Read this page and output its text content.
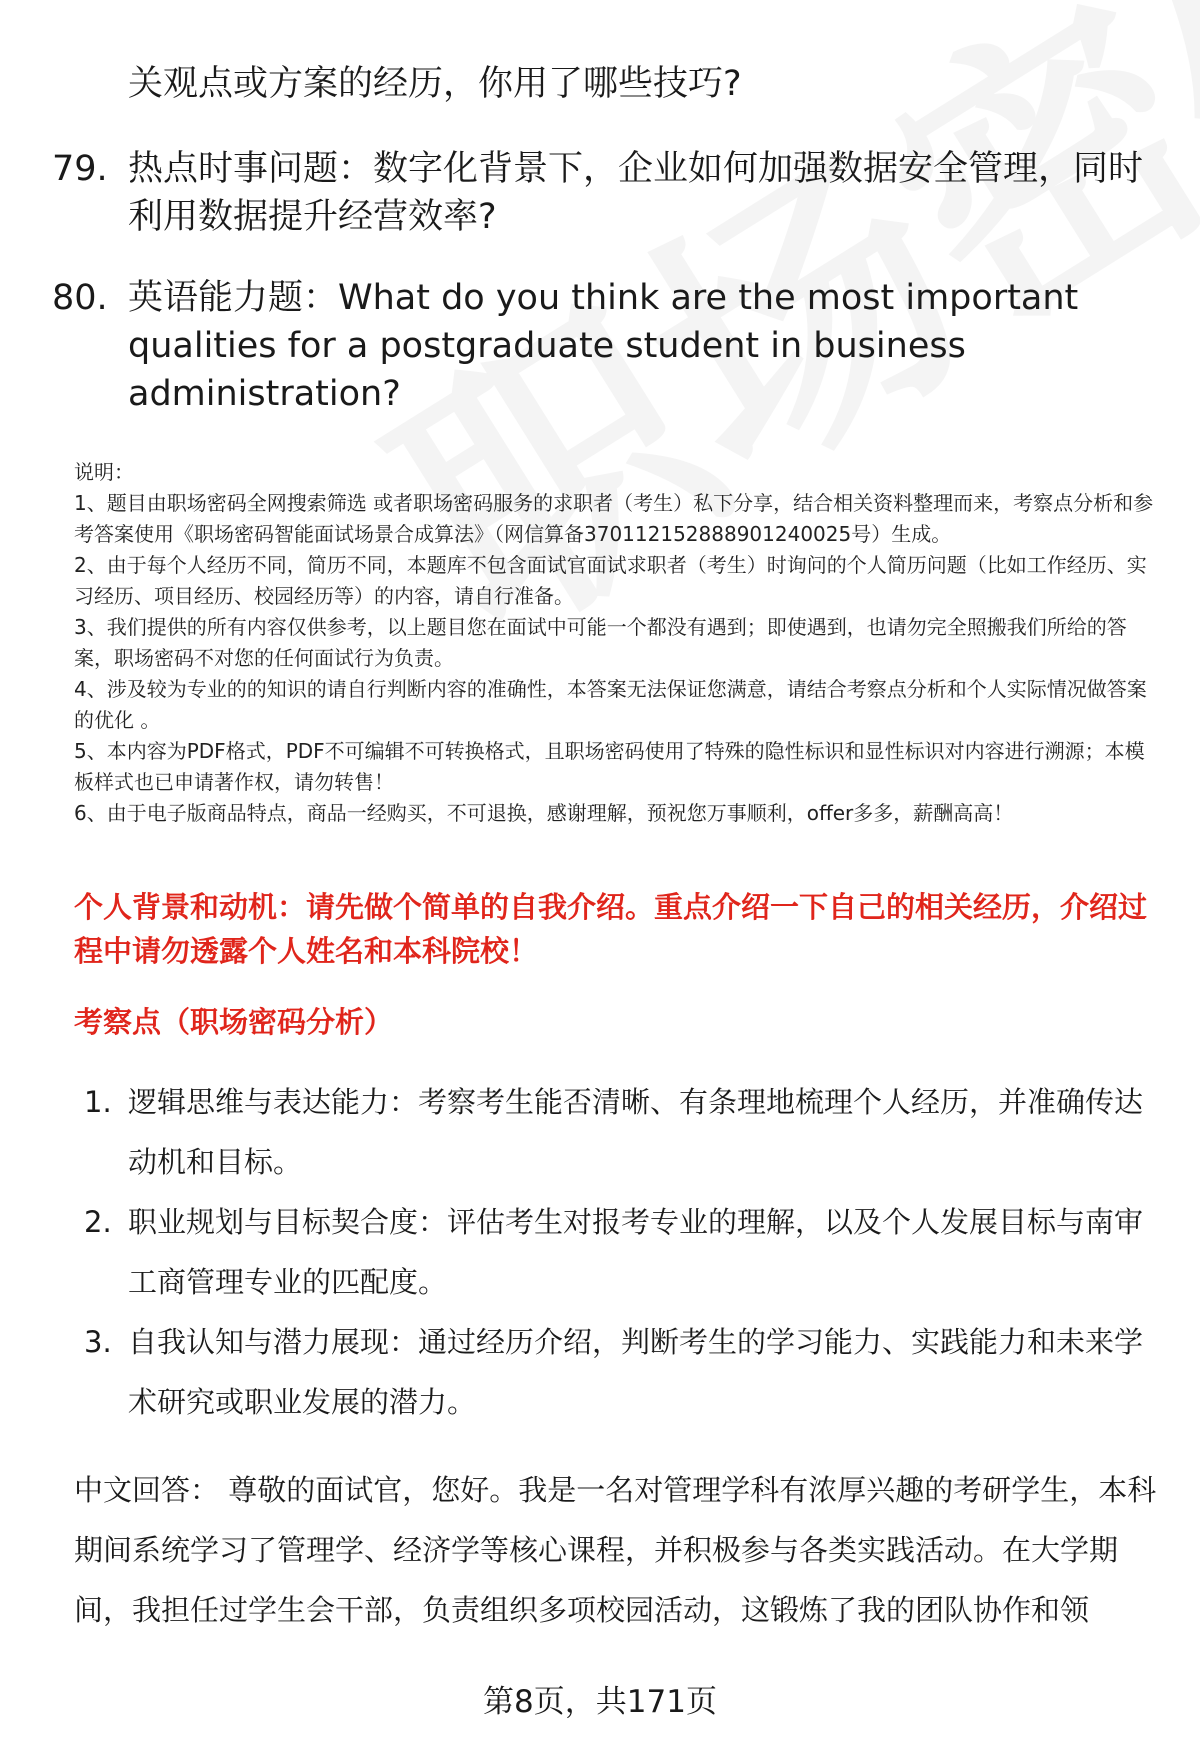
关观点或方案的经历，你用了哪些技巧?
79. 热点时事问题：数字化背景下，企业如何加强数据安全管理，同时利用数据提升经营效率?
80. 英语能力题：What do you think are the most important qualities for a postgraduate student in business administration?
说明：
1、题目由职场密码全网搜索筛选 或者职场密码服务的求职者（考生）私下分享，结合相关资料整理而来，考察点分析和参考答案使用《职场密码智能面试场景合成算法》（网信算备370112152888901240025号）生成。
2、由于每个人经历不同，简历不同，本题库不包含面试官面试求职者（考生）时询问的个人简历问题（比如工作经历、实习经历、项目经历、校园经历等）的内容，请自行准备。
3、我们提供的所有内容仅供参考，以上题目您在面试中可能一个都没有遇到；即使遇到，也请勿完全照搬我们所给的答案，职场密码不对您的任何面试行为负责。
4、涉及较为专业的的知识的请自行判断内容的准确性，本答案无法保证您满意，请结合考察点分析和个人实际情况做答案的优化 。
5、本内容为PDF格式，PDF不可编辑不可转换格式，且职场密码使用了特殊的隐性标识和显性标识对内容进行溯源；本模板样式也已申请著作权，请勿转售！
6、由于电子版商品特点，商品一经购买，不可退换，感谢理解，预祝您万事顺利，offer多多，薪酬高高！
个人背景和动机：请先做个简单的自我介绍。重点介绍一下自己的相关经历，介绍过程中请勿透露个人姓名和本科院校！
考察点（职场密码分析）
1. 逻辑思维与表达能力：考察考生能否清晰、有条理地梳理个人经历，并准确传达动机和目标。
2. 职业规划与目标契合度：评估考生对报考专业的理解，以及个人发展目标与南审工商管理专业的匹配度。
3. 自我认知与潜力展现：通过经历介绍，判断考生的学习能力、实践能力和未来学术研究或职业发展的潜力。
中文回答： 尊敬的面试官，您好。我是一名对管理学科有浓厚兴趣的考研学生，本科期间系统学习了管理学、经济学等核心课程，并积极参与各类实践活动。在大学期间，我担任过学生会干部，负责组织多项校园活动，这锻炼了我的团队协作和领
第8页，共171页
